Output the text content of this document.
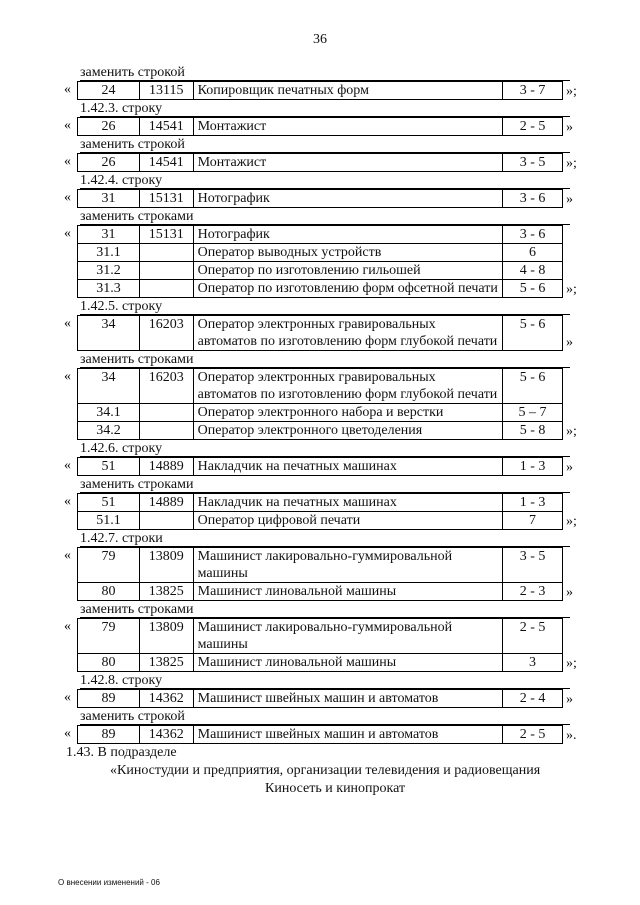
36
заменить строкой
« 24	13115	Копировщик печатных форм	3 - 7 »;
1.42.3. строку
« 26	14541	Монтажист	2 - 5 »
заменить строкой
« 26	14541	Монтажист	3 - 5 »;
1.42.4. строку
« 31	15131	Нотографик	3 - 6 »
заменить строками
« 31	15131	Нотографик	3 - 6
31.1		Оператор выводных устройств	6
31.2		Оператор по изготовлению гильошей	4 - 8
31.3		Оператор по изготовлению форм офсетной печати	5 - 6 »;
1.42.5. строку
« 34	16203	Оператор электронных гравировальных автоматов по изготовлению форм глубокой печати	5 - 6
»
заменить строками
« 34	16203	Оператор электронных гравировальных автоматов по изготовлению форм глубокой печати	5 - 6
34.1		Оператор электронного набора и верстки	5 – 7
34.2		Оператор электронного цветоделения	5 - 8 »;
1.42.6. строку
« 51	14889	Накладчик на печатных машинах	1 - 3 »
заменить строками
« 51	14889	Накладчик на печатных машинах	1 - 3
51.1		Оператор цифровой печати	7 »;
1.42.7. строки
« 79	13809	Машинист лакировально-гуммировальной машины	3 - 5
80	13825	Машинист линовальной машины	2 - 3 »
заменить строками
« 79	13809	Машинист лакировально-гуммировальной машины	2 - 5
80	13825	Машинист линовальной машины	3 »;
1.42.8. строку
« 89	14362	Машинист швейных машин и автоматов	2 - 4 »
заменить строкой
« 89	14362	Машинист швейных машин и автоматов	2 - 5 ».
1.43. В подразделе
«Киностудии и предприятия, организации телевидения и радиовещания
Киносеть и кинопрокат
О внесении изменений - 06
